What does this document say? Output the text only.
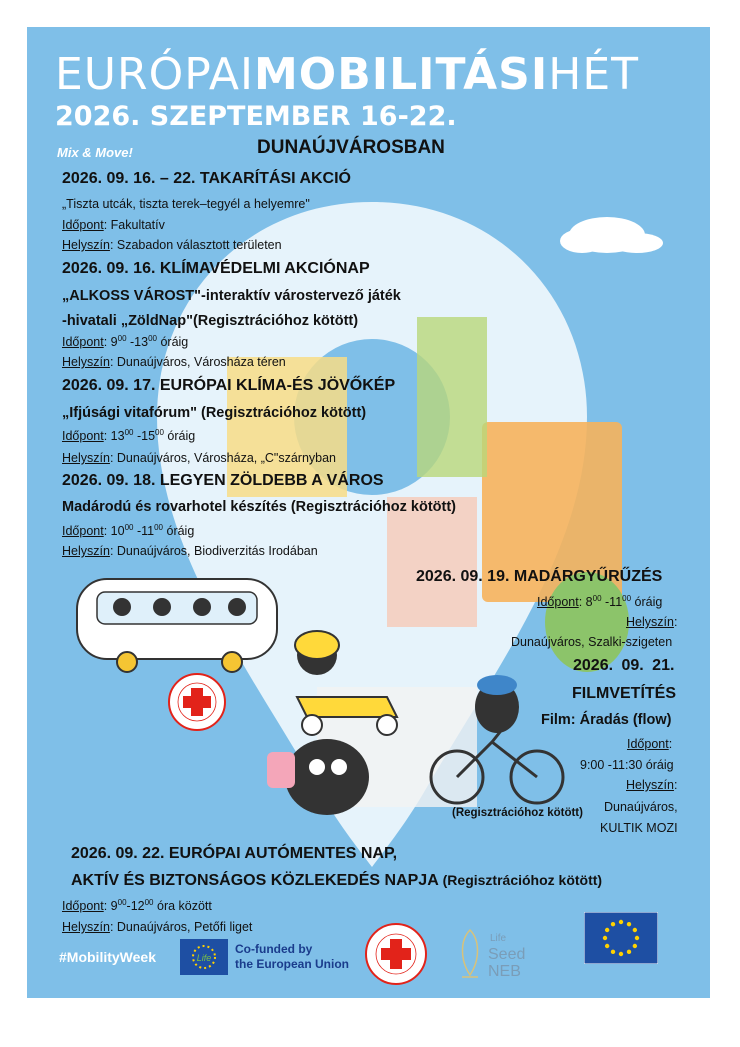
EURÓPAIMOBILITÁSIHÉT
2026. SZEPTEMBER 16-22.
Mix & Move!	DUNAÚJVÁROSBAN
2026. 09. 16. – 22. TAKARÍTÁSI AKCIÓ
„Tiszta utcák, tiszta terek–tegyél a helyemre"
Időpont: Fakultatív
Helyszín: Szabadon választott területen
2026. 09. 16. KLÍMAVÉDELMI AKCIÓNAP
„ALKOSS VÁROST"-interaktív várostervező játék
-hivatali „ZöldNap"(Regisztrációhoz kötött)
Időpont: $9^{00}$ $-13^{00}$ óráig
Helyszín: Dunaújváros, Városháza téren
2026. 09. 17. EURÓPAI KLÍMA-ÉS JÖVŐKÉP
„Ifjúsági vitafórum" (Regisztrációhoz kötött)
Időpont: $13^{00}$ $-15^{00}$ óráig
Helyszín: Dunaújváros, Városháza, „C"szárnyban
2026. 09. 18. LEGYEN ZÖLDEBB A VÁROS
Madárodú és rovarhotel készítés (Regisztrációhoz kötött)
Időpont: $10^{00}$ $-11^{00}$ óráig
Helyszín: Dunaújváros, Biodiverzitás Irodában
2026. 09. 19. MADÁRGYŰRŰZÉS
Időpont: $8^{00}$ $-11^{00}$ óráig
Helyszín:
Dunaújváros, Szalki-szigeten
2026. 09. 21.
FILMVETÍTÉS
Film: Áradás (flow)
Időpont:
9:00 -11:30 óráig
Helyszín:
Dunaújváros,
KULTIK MOZI
(Regisztrációhoz kötött)
2026. 09. 22. EURÓPAI AUTÓMENTES NAP,
AKTÍV ÉS BIZTONSÁGOS KÖZLEKEDÉS NAPJA (Regisztrációhoz kötött)
Időpont: $9^{00}-12^{00}$ óra között
Helyszín: Dunaújváros, Petőfi liget
#MobilityWeek	Life
Co-funded by
the European Union
Life
Seed
NEB
